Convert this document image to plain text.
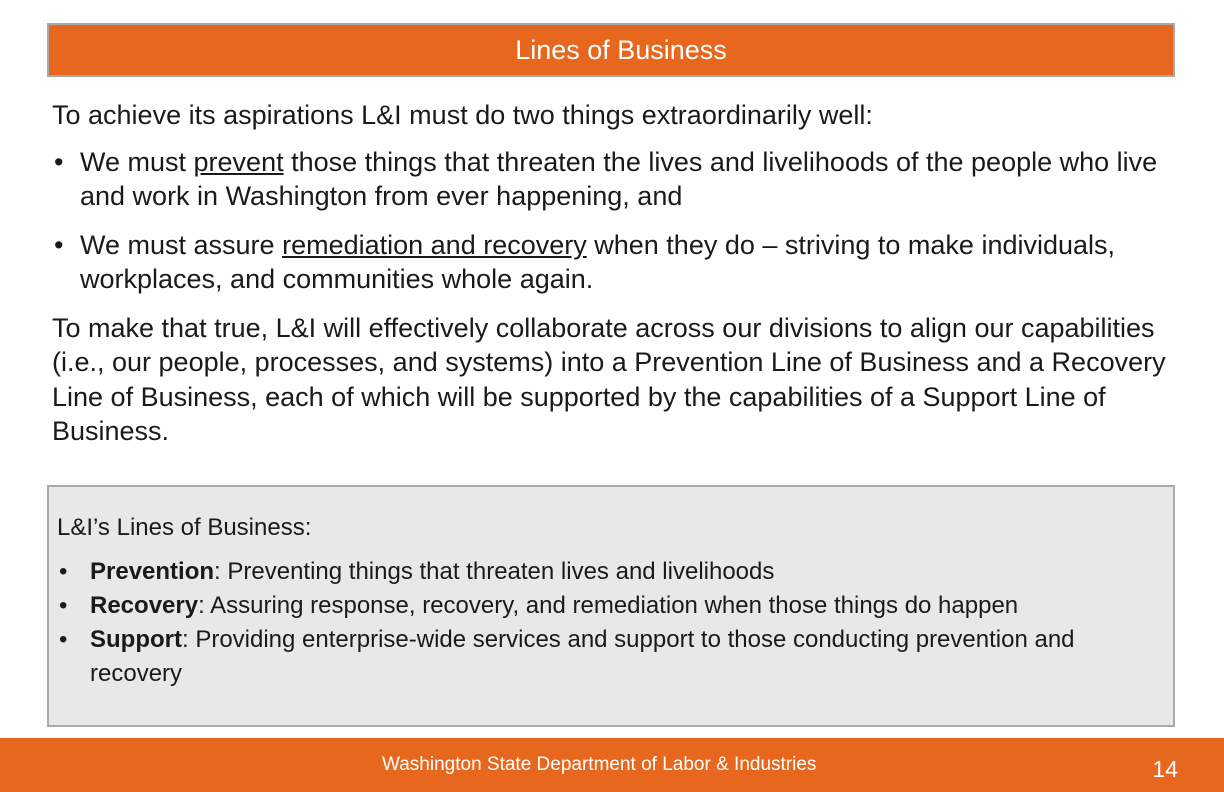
Lines of Business

To achieve its aspirations L&I must do two things extraordinarily well:

• We must prevent those things that threaten the lives and livelihoods of the people who live and work in Washington from ever happening, and
• We must assure remediation and recovery when they do – striving to make individuals, workplaces, and communities whole again.

To make that true, L&I will effectively collaborate across our divisions to align our capabilities (i.e., our people, processes, and systems) into a Prevention Line of Business and a Recovery Line of Business, each of which will be supported by the capabilities of a Support Line of Business.

L&I’s Lines of Business:

• Prevention: Preventing things that threaten lives and livelihoods
• Recovery: Assuring response, recovery, and remediation when those things do happen
• Support: Providing enterprise-wide services and support to those conducting prevention and recovery
Washington State Department of Labor & Industries	14
